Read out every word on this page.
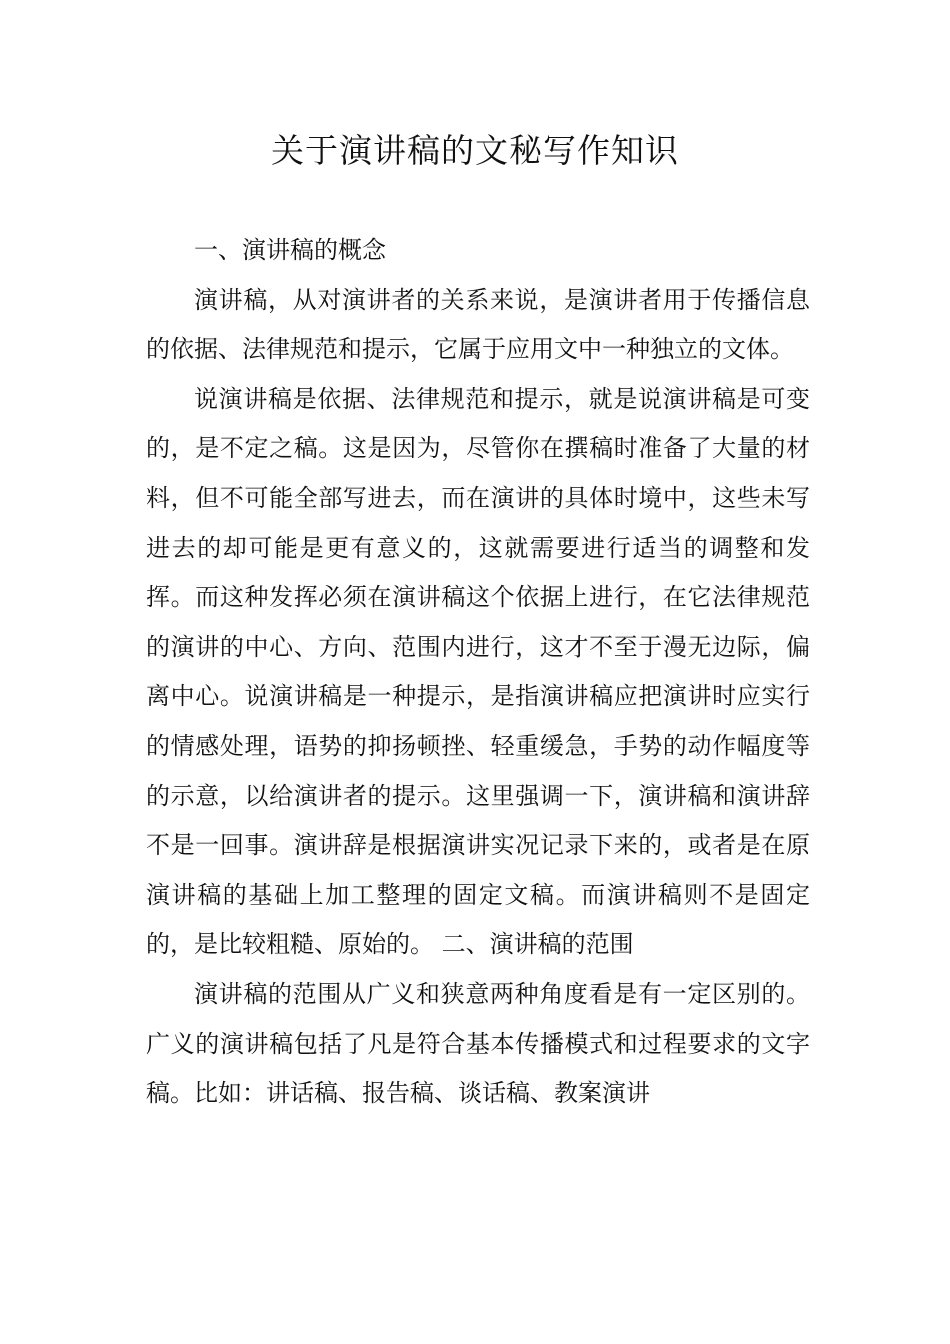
关于演讲稿的文秘写作知识

一、演讲稿的概念

演讲稿，从对演讲者的关系来说，是演讲者用于传播信息的依据、法律规范和提示，它属于应用文中一种独立的文体。

说演讲稿是依据、法律规范和提示，就是说演讲稿是可变的，是不定之稿。这是因为，尽管你在撰稿时准备了大量的材料，但不可能全部写进去，而在演讲的具体时境中，这些未写进去的却可能是更有意义的，这就需要进行适当的调整和发挥。而这种发挥必须在演讲稿这个依据上进行，在它法律规范的演讲的中心、方向、范围内进行，这才不至于漫无边际，偏离中心。说演讲稿是一种提示，是指演讲稿应把演讲时应实行的情感处理，语势的抑扬顿挫、轻重缓急，手势的动作幅度等的示意，以给演讲者的提示。这里强调一下，演讲稿和演讲辞不是一回事。演讲辞是根据演讲实况记录下来的，或者是在原演讲稿的基础上加工整理的固定文稿。而演讲稿则不是固定的，是比较粗糙、原始的。 二、演讲稿的范围

演讲稿的范围从广义和狭意两种角度看是有一定区别的。广义的演讲稿包括了凡是符合基本传播模式和过程要求的文字稿。比如：讲话稿、报告稿、谈话稿、教案演讲
